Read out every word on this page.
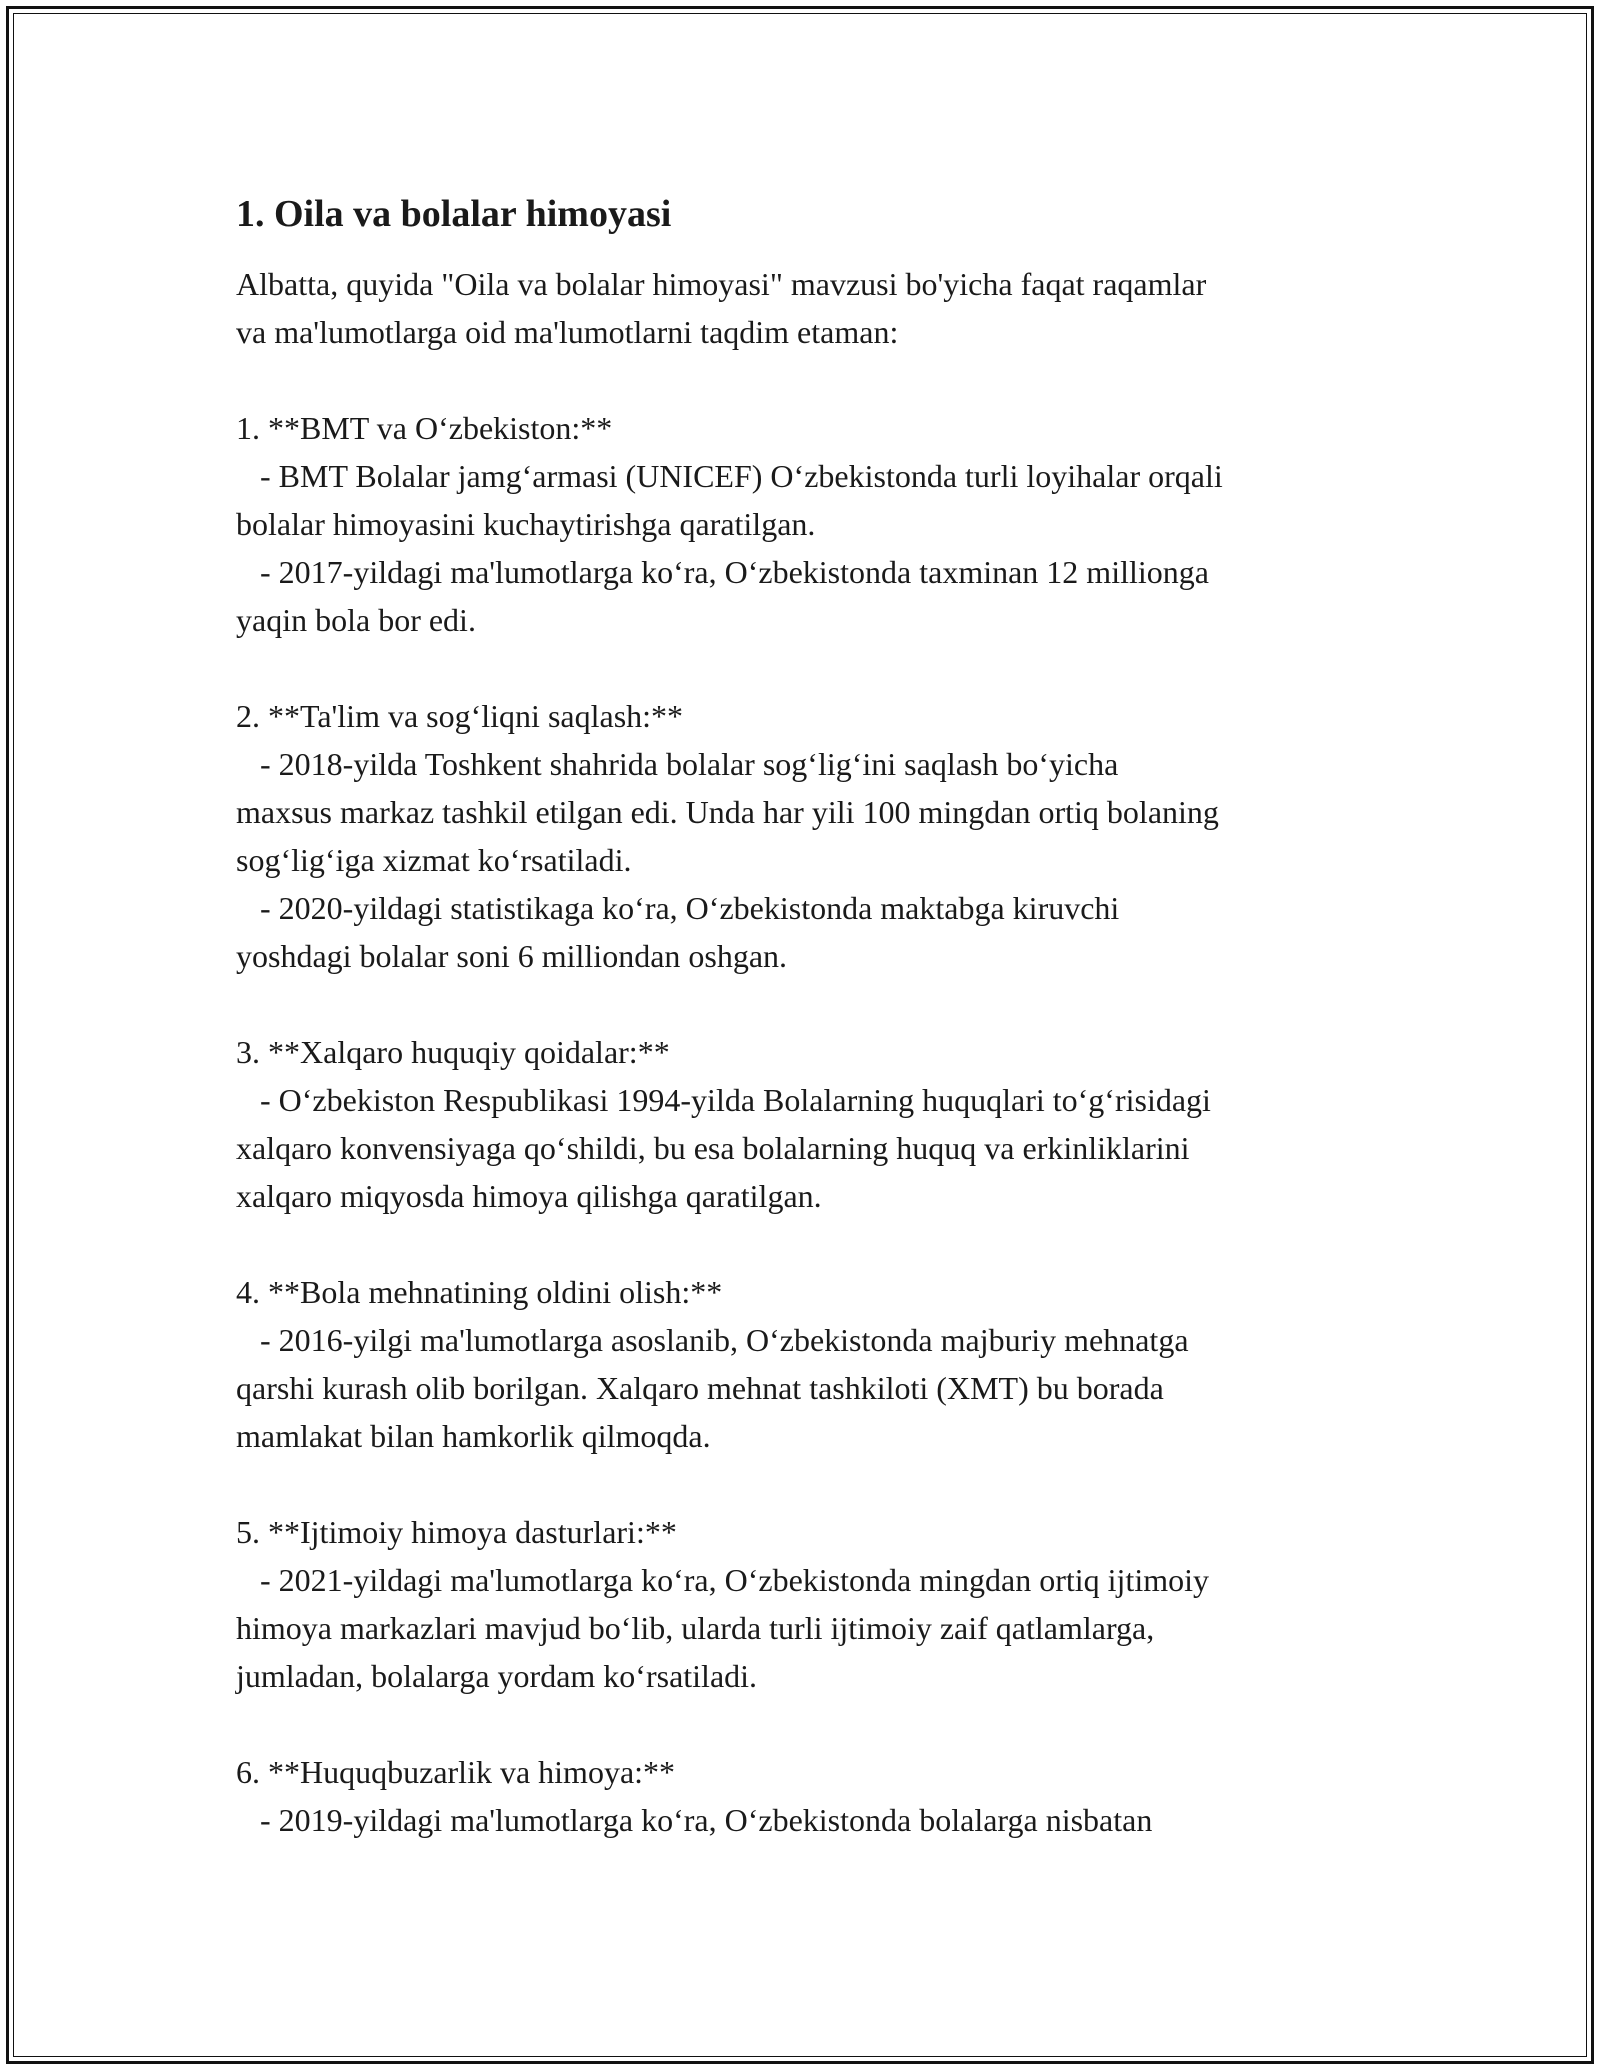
1. Oila va bolalar himoyasi

Albatta, quyida "Oila va bolalar himoyasi" mavzusi bo'yicha faqat raqamlar
va ma'lumotlarga oid ma'lumotlarni taqdim etaman:

1. **BMT va O‘zbekiston:**

- BMT Bolalar jamg‘armasi (UNICEF) O‘zbekistonda turli loyihalar orqali
bolalar himoyasini kuchaytirishga qaratilgan.

- 2017-yildagi ma'lumotlarga ko‘ra, O‘zbekistonda taxminan 12 millionga
yaqin bola bor edi.

2. **Ta'lim va sog‘liqni saqlash:**

- 2018-yilda Toshkent shahrida bolalar sog‘lig‘ini saqlash bo‘yicha
maxsus markaz tashkil etilgan edi. Unda har yili 100 mingdan ortiq bolaning
sog‘lig‘iga xizmat ko‘rsatiladi.

- 2020-yildagi statistikaga ko‘ra, O‘zbekistonda maktabga kiruvchi
yoshdagi bolalar soni 6 milliondan oshgan.

3. **Xalqaro huquqiy qoidalar:**

- O‘zbekiston Respublikasi 1994-yilda Bolalarning huquqlari to‘g‘risidagi
xalqaro konvensiyaga qo‘shildi, bu esa bolalarning huquq va erkinliklarini
xalqaro miqyosda himoya qilishga qaratilgan.

4. **Bola mehnatining oldini olish:**

- 2016-yilgi ma'lumotlarga asoslanib, O‘zbekistonda majburiy mehnatga
qarshi kurash olib borilgan. Xalqaro mehnat tashkiloti (XMT) bu borada
mamlakat bilan hamkorlik qilmoqda.

5. **Ijtimoiy himoya dasturlari:**

- 2021-yildagi ma'lumotlarga ko‘ra, O‘zbekistonda mingdan ortiq ijtimoiy
himoya markazlari mavjud bo‘lib, ularda turli ijtimoiy zaif qatlamlarga,
jumladan, bolalarga yordam ko‘rsatiladi.

6. **Huquqbuzarlik va himoya:**

- 2019-yildagi ma'lumotlarga ko‘ra, O‘zbekistonda bolalarga nisbatan
